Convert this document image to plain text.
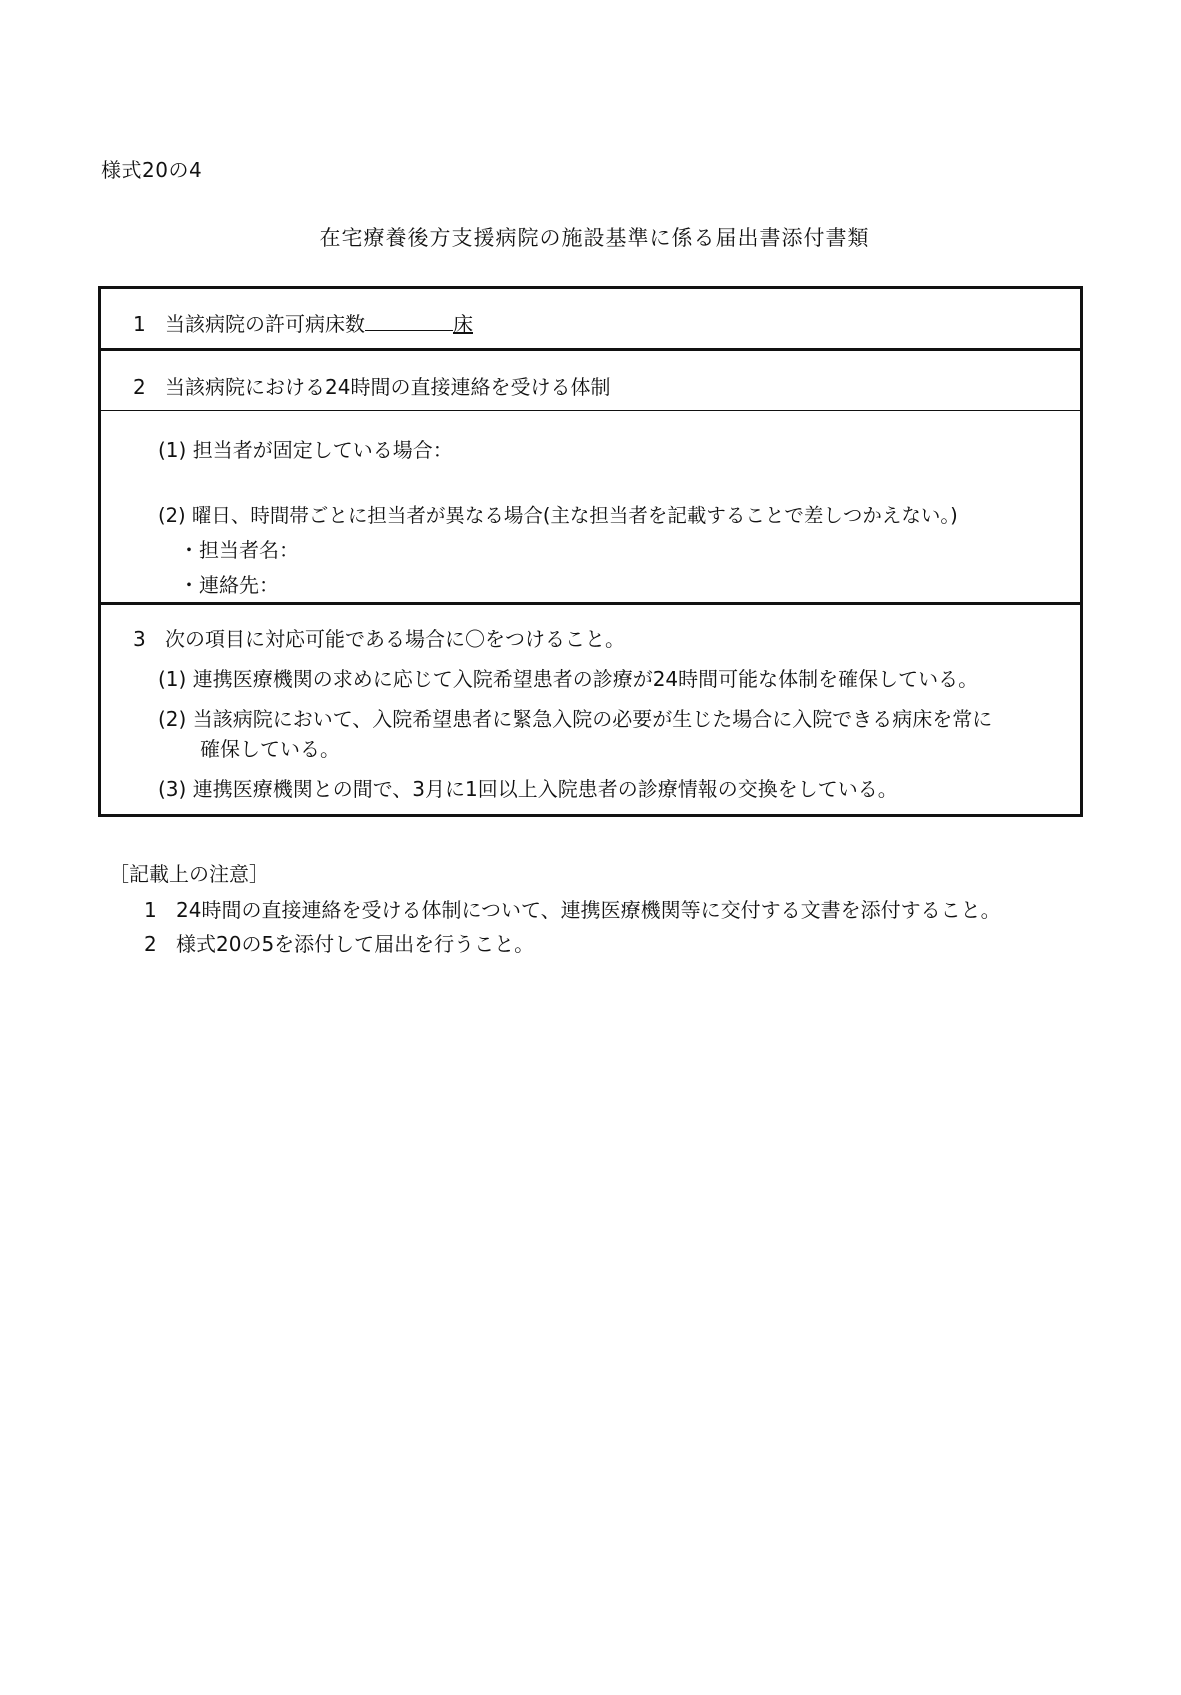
様式20の4
在宅療養後方支援病院の施設基準に係る届出書添付書類
1 当該病院の許可病床数	床
2 当該病院における24時間の直接連絡を受ける体制
(1) 担当者が固定している場合：
(2) 曜日、時間帯ごとに担当者が異なる場合(主な担当者を記載することで差しつかえない。)
・担当者名：
・連絡先：
3 次の項目に対応可能である場合に〇をつけること。
(1) 連携医療機関の求めに応じて入院希望患者の診療が24時間可能な体制を確保している。
(2) 当該病院において、入院希望患者に緊急入院の必要が生じた場合に入院できる病床を常に
確保している。
(3) 連携医療機関との間で、3月に1回以上入院患者の診療情報の交換をしている。
［記載上の注意］
1 24時間の直接連絡を受ける体制について、連携医療機関等に交付する文書を添付すること。
2 様式20の5を添付して届出を行うこと。
